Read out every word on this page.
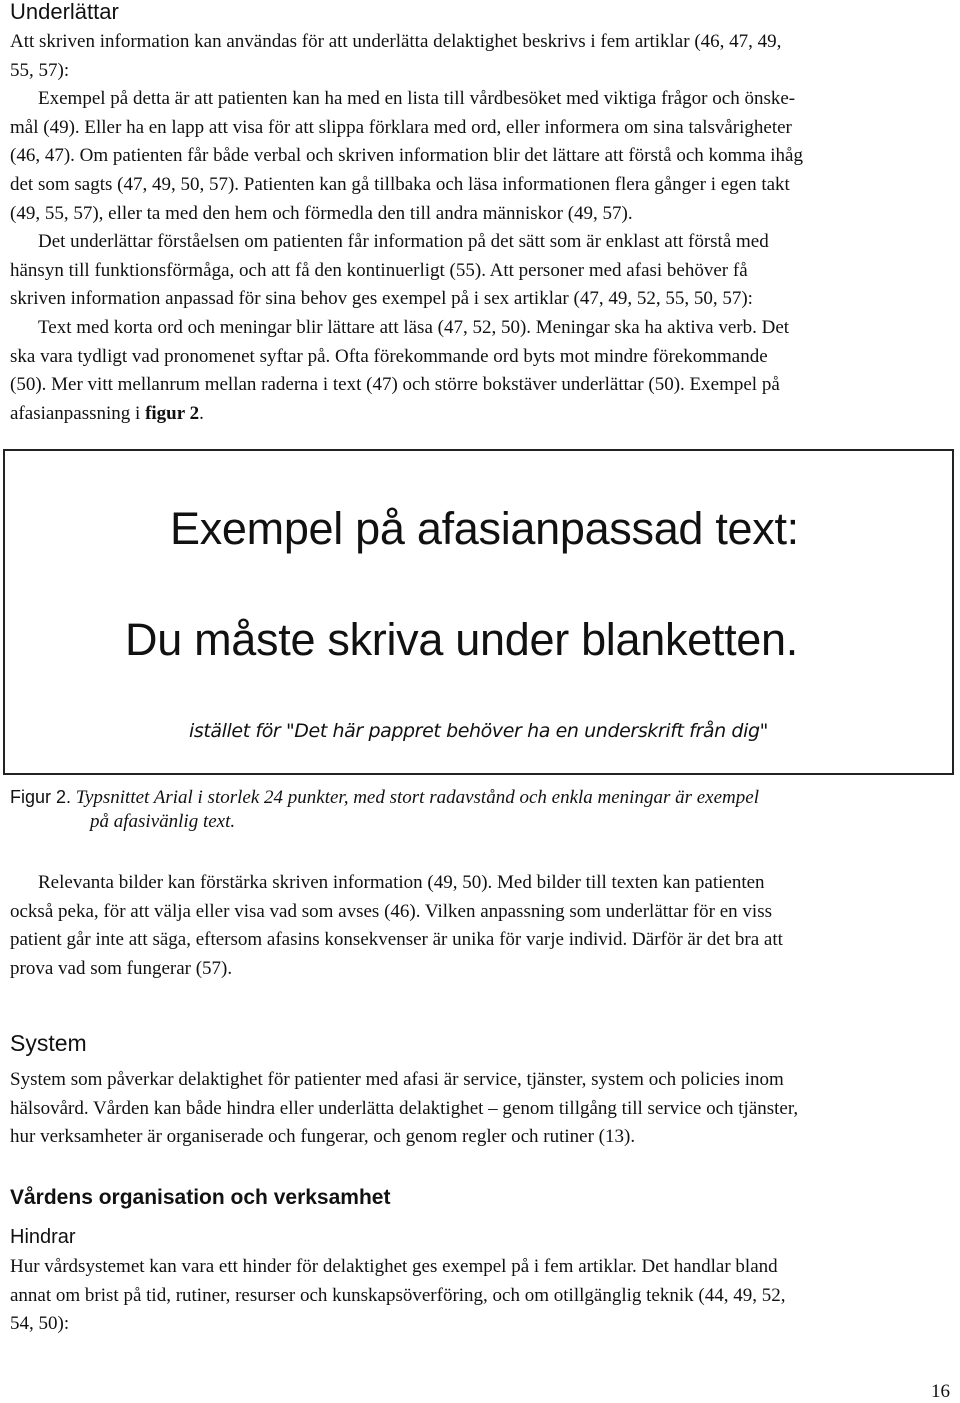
Underlättar
Att skriven information kan användas för att underlätta delaktighet beskrivs i fem artiklar (46, 47, 49,
55, 57):
Exempel på detta är att patienten kan ha med en lista till vårdbesöket med viktiga frågor och önske-
mål (49). Eller ha en lapp att visa för att slippa förklara med ord, eller informera om sina talsvårigheter
(46, 47). Om patienten får både verbal och skriven information blir det lättare att förstå och komma ihåg
det som sagts (47, 49, 50, 57). Patienten kan gå tillbaka och läsa informationen flera gånger i egen takt
(49, 55, 57), eller ta med den hem och förmedla den till andra människor (49, 57).
Det underlättar förståelsen om patienten får information på det sätt som är enklast att förstå med
hänsyn till funktionsförmåga, och att få den kontinuerligt (55). Att personer med afasi behöver få
skriven information anpassad för sina behov ges exempel på i sex artiklar (47, 49, 52, 55, 50, 57):
Text med korta ord och meningar blir lättare att läsa (47, 52, 50). Meningar ska ha aktiva verb. Det
ska vara tydligt vad pronomenet syftar på. Ofta förekommande ord byts mot mindre förekommande
(50). Mer vitt mellanrum mellan raderna i text (47) och större bokstäver underlättar (50). Exempel på
afasianpassning i figur 2.
Exempel på afasianpassad text:
Du måste skriva under blanketten.
istället för "Det här pappret behöver ha en underskrift från dig"
Figur 2. Typsnittet Arial i storlek 24 punkter, med stort radavstånd och enkla meningar är exempel
på afasivänlig text.
Relevanta bilder kan förstärka skriven information (49, 50). Med bilder till texten kan patienten
också peka, för att välja eller visa vad som avses (46). Vilken anpassning som underlättar för en viss
patient går inte att säga, eftersom afasins konsekvenser är unika för varje individ. Därför är det bra att
prova vad som fungerar (57).
System
System som påverkar delaktighet för patienter med afasi är service, tjänster, system och policies inom
hälsovård. Vården kan både hindra eller underlätta delaktighet – genom tillgång till service och tjänster,
hur verksamheter är organiserade och fungerar, och genom regler och rutiner (13).
Vårdens organisation och verksamhet
Hindrar
Hur vårdsystemet kan vara ett hinder för delaktighet ges exempel på i fem artiklar. Det handlar bland
annat om brist på tid, rutiner, resurser och kunskapsöverföring, och om otillgänglig teknik (44, 49, 52,
54, 50):
16
